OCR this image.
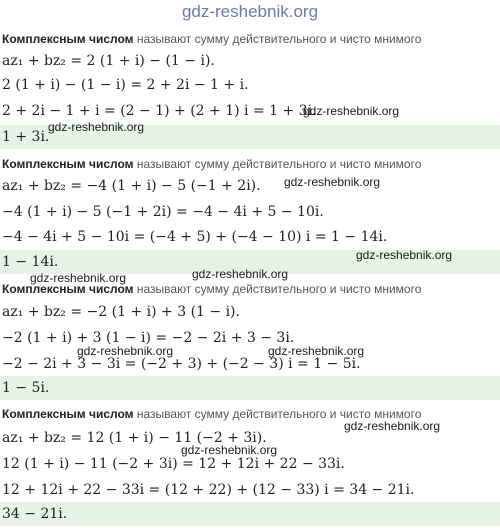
gdz-reshebnik.org
Комплексным числом называют сумму действительного и чисто мнимого
az₁ + bz₂ = 2 (1 + i) − (1 − i).
2 (1 + i) − (1 − i) = 2 + 2i − 1 + i.
2 + 2i − 1 + i = (2 − 1) + (2 + 1) i = 1 + 3i.
1 + 3i.
Комплексным числом называют сумму действительного и чисто мнимого
az₁ + bz₂ = −4 (1 + i) − 5 (−1 + 2i).
−4 (1 + i) − 5 (−1 + 2i) = −4 − 4i + 5 − 10i.
−4 − 4i + 5 − 10i = (−4 + 5) + (−4 − 10) i = 1 − 14i.
1 − 14i.
Комплексным числом называют сумму действительного и чисто мнимого
az₁ + bz₂ = −2 (1 + i) + 3 (1 − i).
−2 (1 + i) + 3 (1 − i) = −2 − 2i + 3 − 3i.
−2 − 2i + 3 − 3i = (−2 + 3) + (−2 − 3) i = 1 − 5i.
1 − 5i.
Комплексным числом называют сумму действительного и чисто мнимого
az₁ + bz₂ = 12 (1 + i) − 11 (−2 + 3i).
12 (1 + i) − 11 (−2 + 3i) = 12 + 12i + 22 − 33i.
12 + 12i + 22 − 33i = (12 + 22) + (12 − 33) i = 34 − 21i.
34 − 21i.
gdz-reshebnik.org
gdz-reshebnik.org
gdz-reshebnik.org
gdz-reshebnik.org
gdz-reshebnik.org	gdz-reshebnik.org
gdz-reshebnik.org	gdz-reshebnik.org
gdz-reshebnik.org
gdz-reshebnik.org
